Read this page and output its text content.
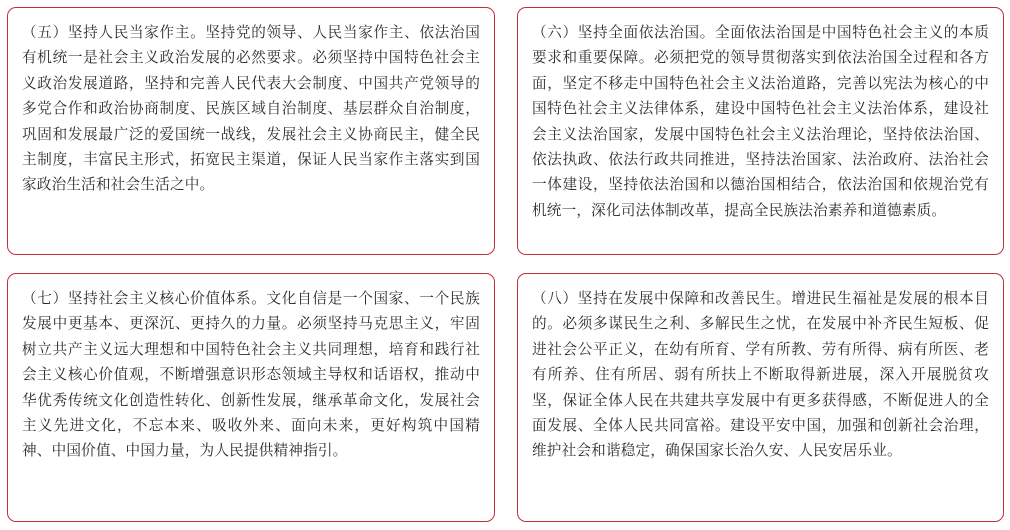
（五）坚持人民当家作主。坚持党的领导、人民当家作主、依法治国有机统一是社会主义政治发展的必然要求。必须坚持中国特色社会主义政治发展道路，坚持和完善人民代表大会制度、中国共产党领导的多党合作和政治协商制度、民族区域自治制度、基层群众自治制度，巩固和发展最广泛的爱国统一战线，发展社会主义协商民主，健全民主制度，丰富民主形式，拓宽民主渠道，保证人民当家作主落实到国家政治生活和社会生活之中。

（六）坚持全面依法治国。全面依法治国是中国特色社会主义的本质要求和重要保障。必须把党的领导贯彻落实到依法治国全过程和各方面，坚定不移走中国特色社会主义法治道路，完善以宪法为核心的中国特色社会主义法律体系，建设中国特色社会主义法治体系，建设社会主义法治国家，发展中国特色社会主义法治理论，坚持依法治国、依法执政、依法行政共同推进，坚持法治国家、法治政府、法治社会一体建设，坚持依法治国和以德治国相结合，依法治国和依规治党有机统一，深化司法体制改革，提高全民族法治素养和道德素质。

（七）坚持社会主义核心价值体系。文化自信是一个国家、一个民族发展中更基本、更深沉、更持久的力量。必须坚持马克思主义，牢固树立共产主义远大理想和中国特色社会主义共同理想，培育和践行社会主义核心价值观，不断增强意识形态领域主导权和话语权，推动中华优秀传统文化创造性转化、创新性发展，继承革命文化，发展社会主义先进文化，不忘本来、吸收外来、面向未来，更好构筑中国精神、中国价值、中国力量，为人民提供精神指引。

（八）坚持在发展中保障和改善民生。增进民生福祉是发展的根本目的。必须多谋民生之利、多解民生之忧，在发展中补齐民生短板、促进社会公平正义，在幼有所育、学有所教、劳有所得、病有所医、老有所养、住有所居、弱有所扶上不断取得新进展，深入开展脱贫攻坚，保证全体人民在共建共享发展中有更多获得感，不断促进人的全面发展、全体人民共同富裕。建设平安中国，加强和创新社会治理，维护社会和谐稳定，确保国家长治久安、人民安居乐业。
